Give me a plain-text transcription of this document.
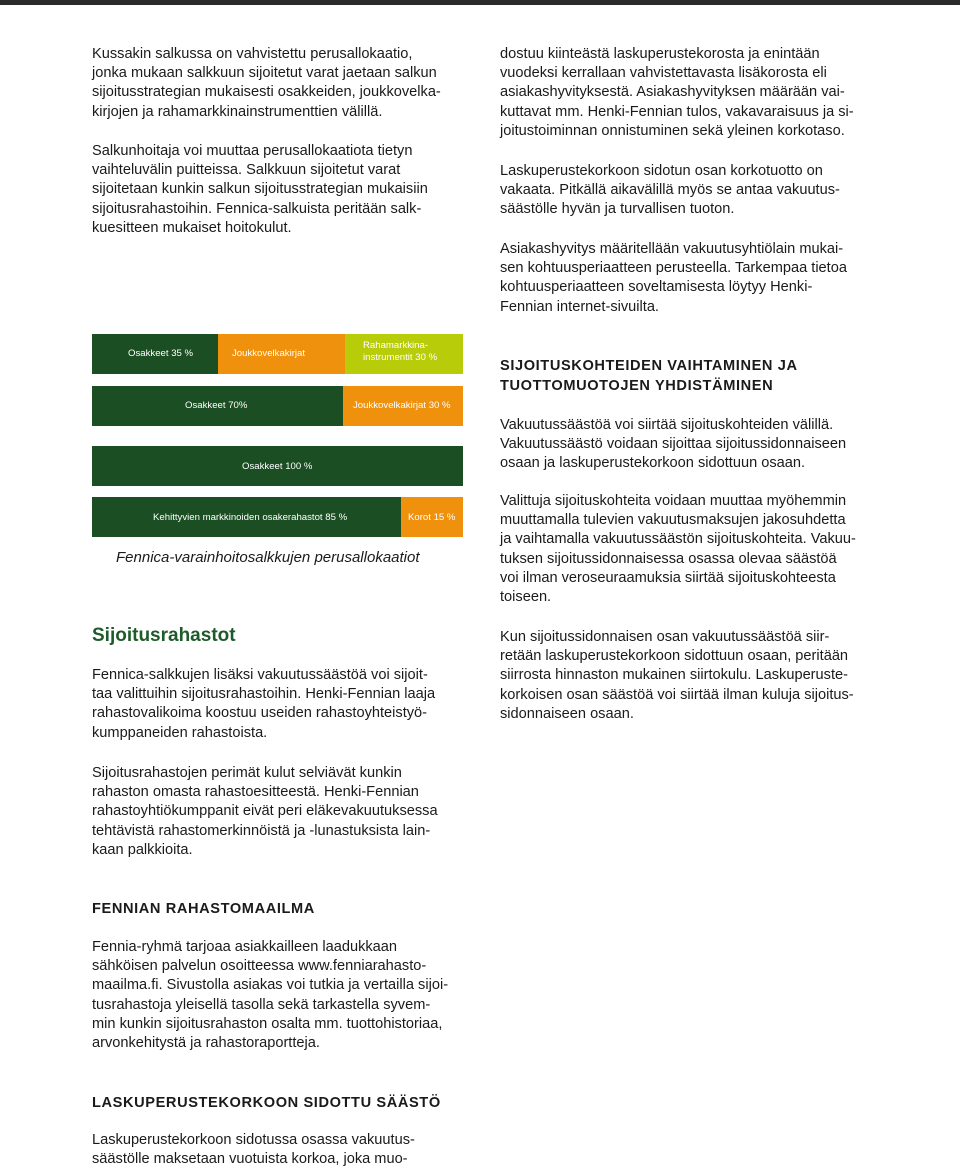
Kussakin salkussa on vahvistettu perusallokaatio,
jonka mukaan salkkuun sijoitetut varat jaetaan salkun
sijoitusstrategian mukaisesti osakkeiden, joukkovelka-
kirjojen ja rahamarkkinainstrumenttien välillä.

Salkunhoitaja voi muuttaa perusallokaatiota tietyn
vaihteluvälin puitteissa. Salkkuun sijoitetut varat
sijoitetaan kunkin salkun sijoitusstrategian mukaisiin
sijoitusrahastoihin. Fennica-salkuista peritään salk-
kuesitteen mukaiset hoitokulut.

Osakkeet 35 %	Joukkovelkakirjat
Rahamarkkina-
instrumentit 30 %
Osakkeet 70%	Joukkovelkakirjat 30 %
Osakkeet 100 %
Kehittyvien markkinoiden osakerahastot 85 %	Korot 15 %

Fennica-varainhoitosalkkujen perusallokaatiot

Sijoitusrahastot

Fennica-salkkujen lisäksi vakuutussäästöä voi sijoit-
taa valittuihin sijoitusrahastoihin. Henki-Fennian laaja
rahastovalikoima koostuu useiden rahastoyhteistyö-
kumppaneiden rahastoista.

Sijoitusrahastojen perimät kulut selviävät kunkin
rahaston omasta rahastoesitteestä. Henki-Fennian
rahastoyhtiökumppanit eivät peri eläkevakuutuksessa
tehtävistä rahastomerkinnöistä ja -lunastuksista lain-
kaan palkkioita.

FENNIAN RAHASTOMAAILMA

Fennia-ryhmä tarjoaa asiakkailleen laadukkaan
sähköisen palvelun osoitteessa www.fenniarahasto-
maailma.fi. Sivustolla asiakas voi tutkia ja vertailla sijoi-
tusrahastoja yleisellä tasolla sekä tarkastella syvem-
min kunkin sijoitusrahaston osalta mm. tuottohistoriaa,
arvonkehitystä ja rahastoraportteja.

LASKUPERUSTEKORKOON SIDOTTU SÄÄSTÖ

Laskuperustekorkoon sidotussa osassa vakuutus-
säästölle maksetaan vuotuista korkoa, joka muo-

dostuu kiinteästä laskuperustekorosta ja enintään
vuodeksi kerrallaan vahvistettavasta lisäkorosta eli
asiakashyvityksestä. Asiakashyvityksen määrään vai-
kuttavat mm. Henki-Fennian tulos, vakavaraisuus ja si-
joitustoiminnan onnistuminen sekä yleinen korkotaso.

Laskuperustekorkoon sidotun osan korkotuotto on
vakaata. Pitkällä aikavälillä myös se antaa vakuutus-
säästölle hyvän ja turvallisen tuoton.

Asiakashyvitys määritellään vakuutusyhtiölain mukai-
sen kohtuusperiaatteen perusteella. Tarkempaa tietoa
kohtuusperiaatteen soveltamisesta löytyy Henki-
Fennian internet-sivuilta.

SIJOITUSKOHTEIDEN VAIHTAMINEN JA
TUOTTOMUOTOJEN YHDISTÄMINEN

Vakuutussäästöä voi siirtää sijoituskohteiden välillä.
Vakuutussäästö voidaan sijoittaa sijoitussidonnaiseen
osaan ja laskuperustekorkoon sidottuun osaan.

Valittuja sijoituskohteita voidaan muuttaa myöhemmin
muuttamalla tulevien vakuutusmaksujen jakosuhdetta
ja vaihtamalla vakuutussäästön sijoituskohteita. Vakuu-
tuksen sijoitussidonnaisessa osassa olevaa säästöä
voi ilman veroseuraamuksia siirtää sijoituskohteesta
toiseen.

Kun sijoitussidonnaisen osan vakuutussäästöä siir-
retään laskuperustekorkoon sidottuun osaan, peritään
siirrosta hinnaston mukainen siirtokulu. Laskuperuste-
korkoisen osan säästöä voi siirtää ilman kuluja sijoitus-
sidonnaiseen osaan.
